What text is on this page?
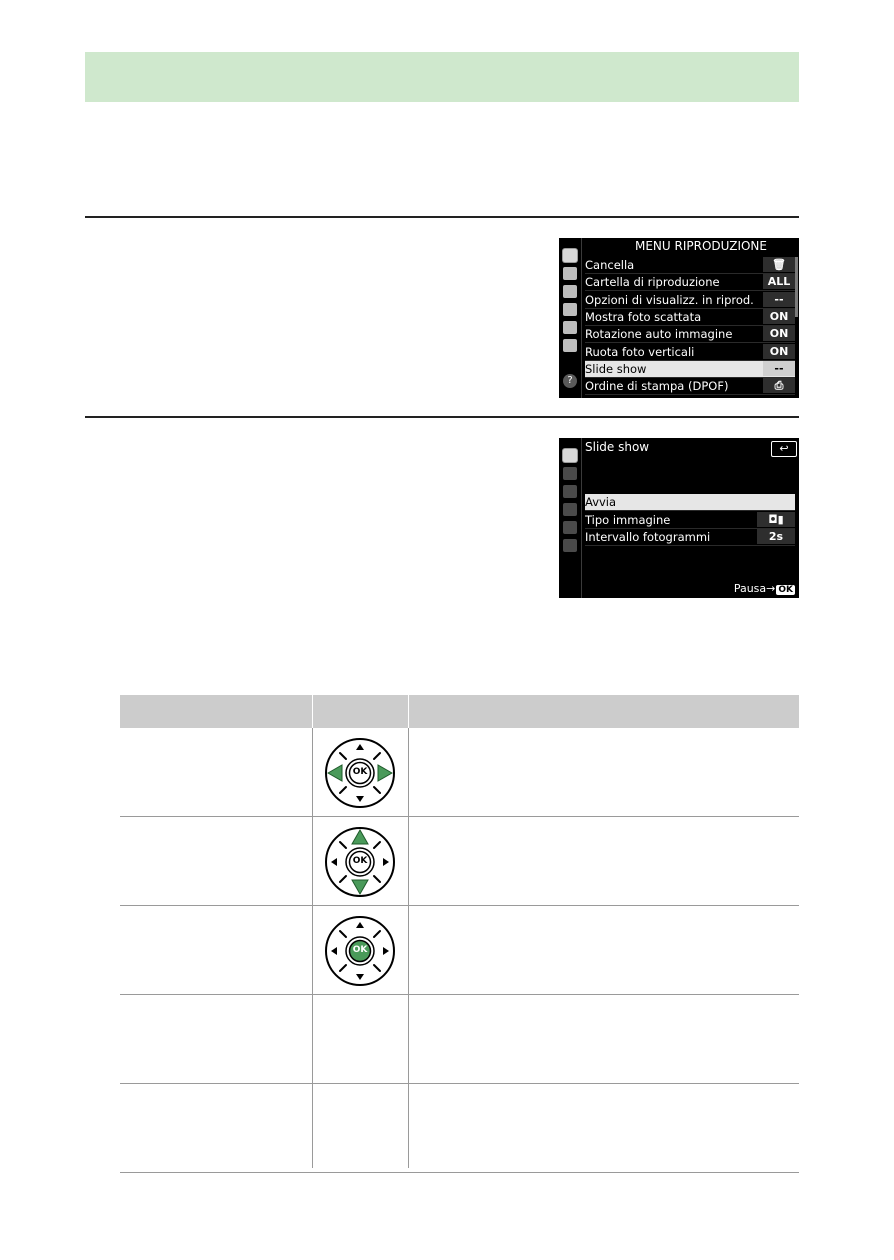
?
MENU RIPRODUZIONE
Cancella	🗑
Cartella di riproduzione	ALL
Opzioni di visualizz. in riprod.	--
Mostra foto scattata	ON
Rotazione auto immagine	ON
Ruota foto verticali	ON
Slide show	--
Ordine di stampa (DPOF)	⎙
Slide show	↩
Avvia
Tipo immagine	◘▮
Intervallo fotogrammi	2s
Pausa→ OK
OK
OK
OK
